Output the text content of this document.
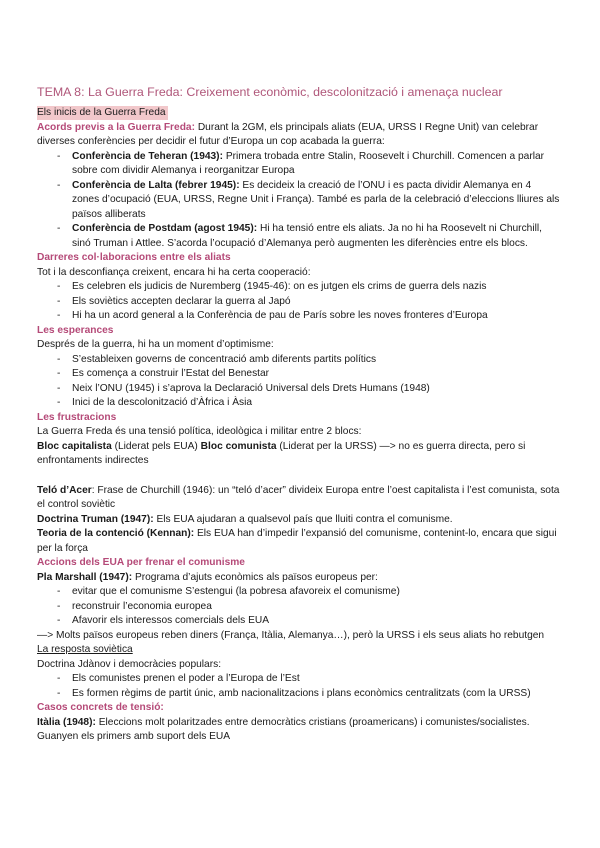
TEMA 8: La Guerra Freda: Creixement econòmic, descolonització i amenaça nuclear

Els inicis de la Guerra Freda

Acords previs a la Guerra Freda: Durant la 2GM, els principals aliats (EUA, URSS I Regne Unit) van celebrar diverses conferències per decidir el futur d’Europa un cop acabada la guerra:

- Conferència de Teheran (1943): Primera trobada entre Stalin, Roosevelt i Churchill. Comencen a parlar sobre com dividir Alemanya i reorganitzar Europa
- Conferència de Lalta (febrer 1945): Es decideix la creació de l’ONU i es pacta dividir Alemanya en 4 zones d’ocupació (EUA, URSS, Regne Unit i França). També es parla de la celebració d’eleccions lliures als països alliberats
- Conferència de Postdam (agost 1945): Hi ha tensió entre els aliats. Ja no hi ha Roosevelt ni Churchill, sinó Truman i Attlee. S’acorda l’ocupació d’Alemanya però augmenten les diferències entre els blocs.

Darreres col·laboracions entre els aliats

Tot i la desconfiança creixent, encara hi ha certa cooperació:

- Es celebren els judicis de Nuremberg (1945-46): on es jutgen els crims de guerra dels nazis
- Els soviètics accepten declarar la guerra al Japó
- Hi ha un acord general a la Conferència de pau de París sobre les noves fronteres d’Europa

Les esperances

Després de la guerra, hi ha un moment d’optimisme:

- S’estableixen governs de concentració amb diferents partits polítics
- Es comença a construir l’Estat del Benestar
- Neix l’ONU (1945) i s’aprova la Declaració Universal dels Drets Humans (1948)
- Inici de la descolonització d’Àfrica i Àsia

Les frustracions

La Guerra Freda és una tensió política, ideològica i militar entre 2 blocs:

Bloc capitalista (Liderat pels EUA) Bloc comunista (Liderat per la URSS) —> no es guerra directa, pero si enfrontaments indirectes

Teló d’Acer: Frase de Churchill (1946): un “teló d’acer” divideix Europa entre l’oest capitalista i l’est comunista, sota el control soviètic

Doctrina Truman (1947): Els EUA ajudaran a qualsevol país que lluiti contra el comunisme.

Teoria de la contenció (Kennan): Els EUA han d’impedir l’expansió del comunisme, contenint-lo, encara que sigui per la força

Accions dels EUA per frenar el comunisme

Pla Marshall (1947): Programa d’ajuts econòmics als països europeus per:

- evitar que el comunisme S’estengui (la pobresa afavoreix el comunisme)
- reconstruir l’economia europea
- Afavorir els interessos comercials dels EUA

—> Molts països europeus reben diners (França, Itàlia, Alemanya…), però la URSS i els seus aliats ho rebutgen

La resposta soviètica

Doctrina Jdànov i democràcies populars:

- Els comunistes prenen el poder a l’Europa de l’Est
- Es formen règims de partit únic, amb nacionalitzacions i plans econòmics centralitzats (com la URSS)

Casos concrets de tensió:

Itàlia (1948): Eleccions molt polaritzades entre democràtics cristians (proamericans) i comunistes/socialistes. Guanyen els primers amb suport dels EUA
